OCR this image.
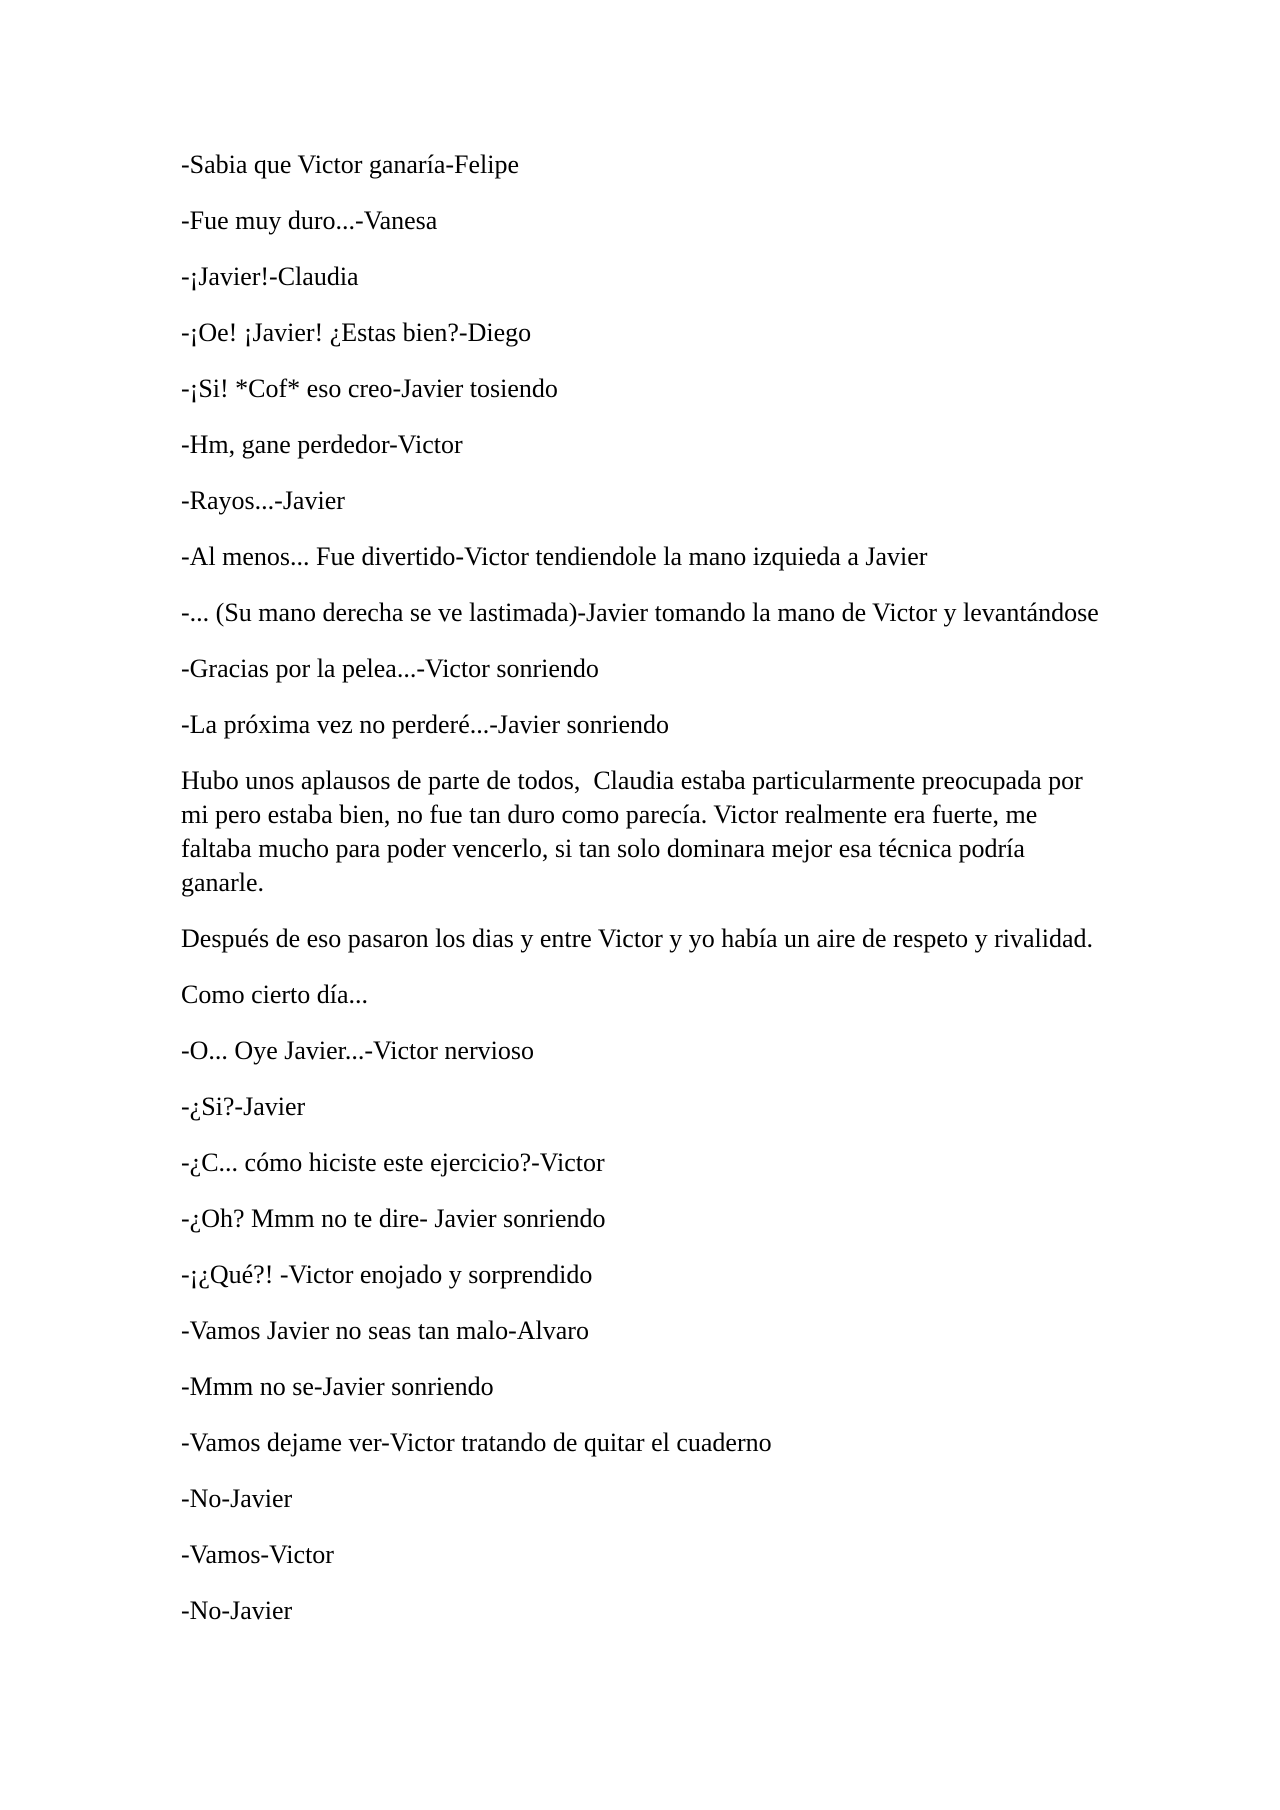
-Sabia que Victor ganaría-Felipe

-Fue muy duro...-Vanesa

-¡Javier!-Claudia

-¡Oe! ¡Javier! ¿Estas bien?-Diego

-¡Si! *Cof* eso creo-Javier tosiendo

-Hm, gane perdedor-Victor

-Rayos...-Javier

-Al menos... Fue divertido-Victor tendiendole la mano izquieda a Javier

-... (Su mano derecha se ve lastimada)-Javier tomando la mano de Victor y levantándose

-Gracias por la pelea...-Victor sonriendo

-La próxima vez no perderé...-Javier sonriendo

Hubo unos aplausos de parte de todos,  Claudia estaba particularmente preocupada por mi pero estaba bien, no fue tan duro como parecía. Victor realmente era fuerte, me faltaba mucho para poder vencerlo, si tan solo dominara mejor esa técnica podría ganarle.

Después de eso pasaron los dias y entre Victor y yo había un aire de respeto y rivalidad.

Como cierto día...

-O... Oye Javier...-Victor nervioso

-¿Si?-Javier

-¿C... cómo hiciste este ejercicio?-Victor

-¿Oh? Mmm no te dire- Javier sonriendo

-¡¿Qué?! -Victor enojado y sorprendido

-Vamos Javier no seas tan malo-Alvaro

-Mmm no se-Javier sonriendo

-Vamos dejame ver-Victor tratando de quitar el cuaderno

-No-Javier

-Vamos-Victor

-No-Javier
